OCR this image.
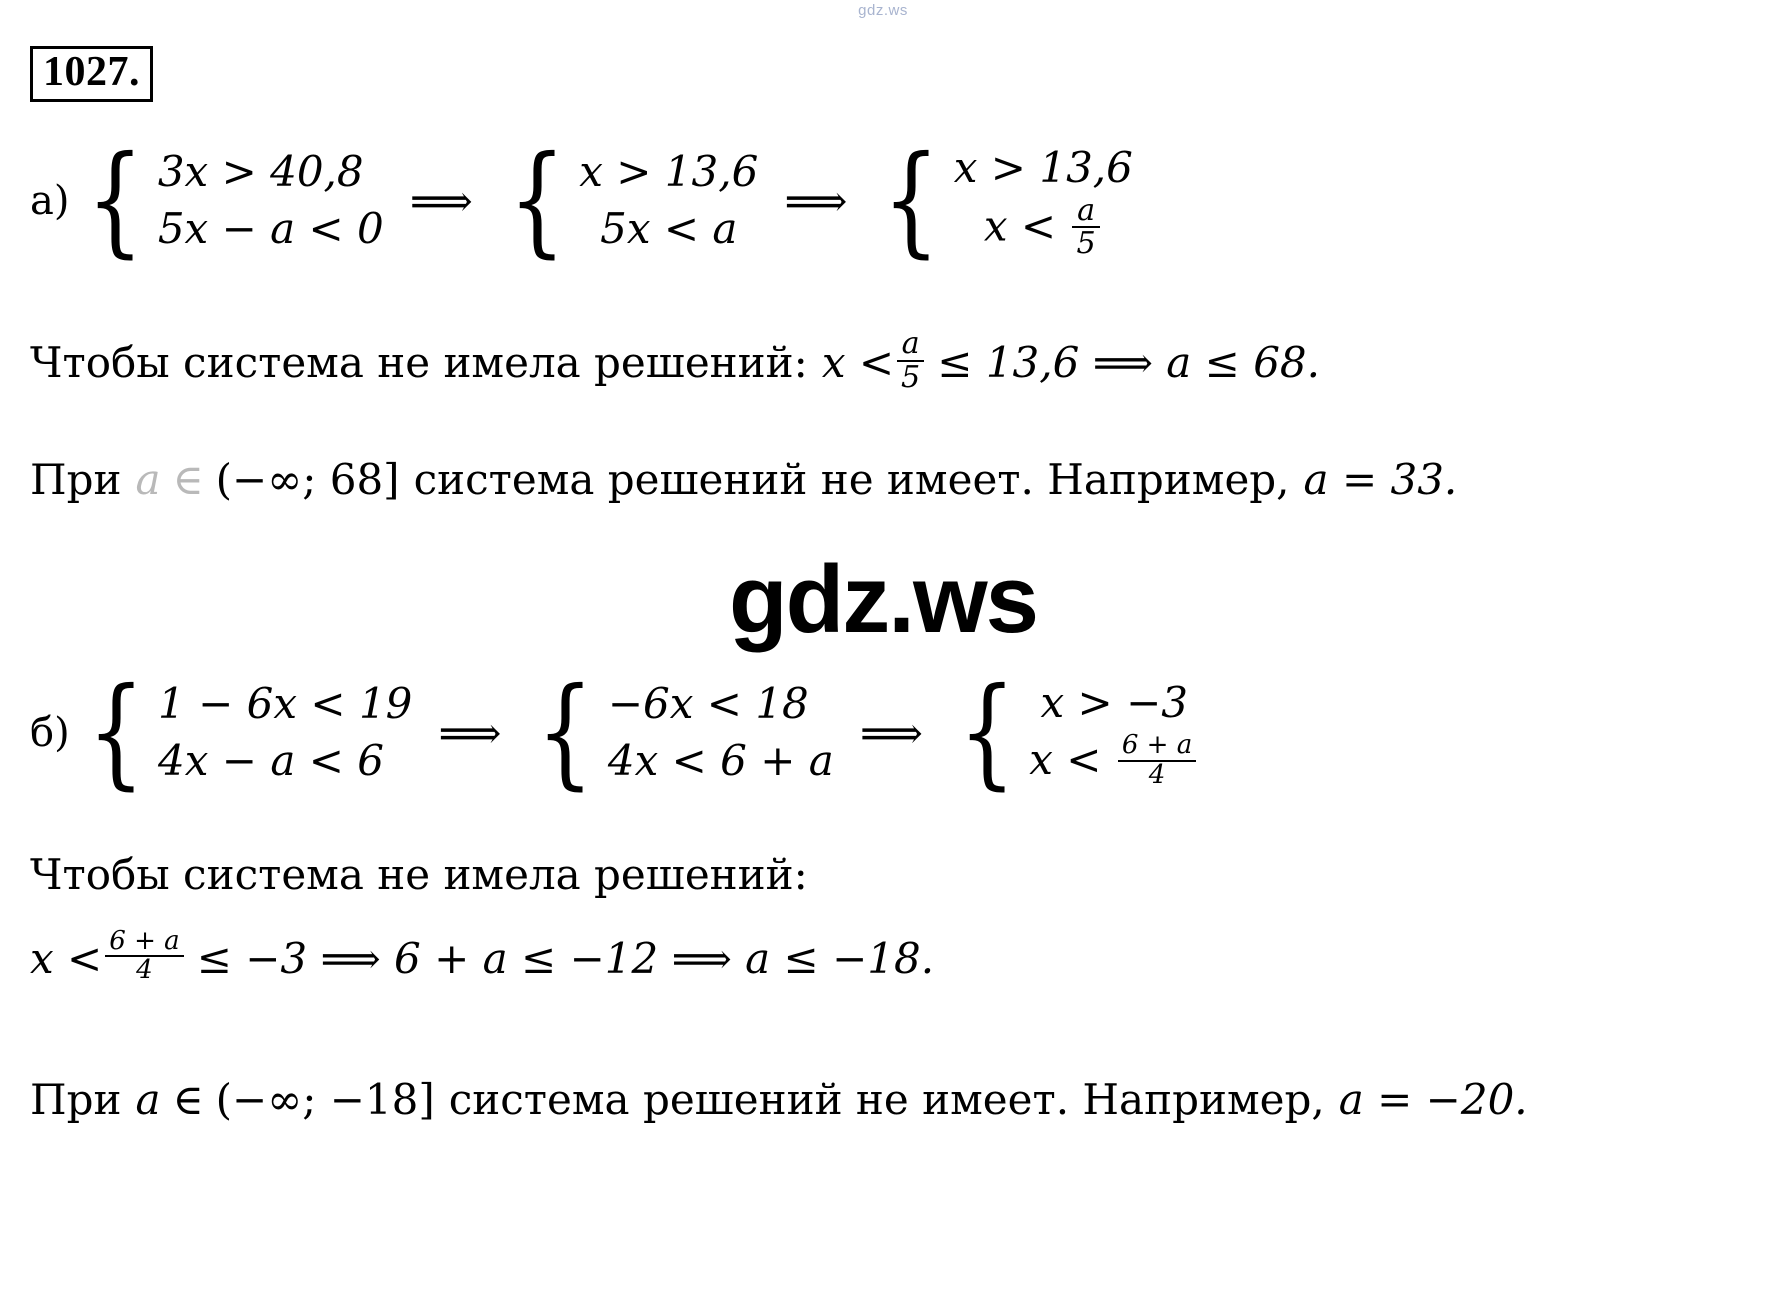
gdz.ws
1027.
а) { 3x > 40,8
5x − a < 0
⟹ { x > 13,6
5x < a
⟹ { x > 13,6
$x < \frac{a}{5}$
Чтобы система не имела решений: $x < \frac{a}{5} \le 13,6$ ⟹ a ≤ 68.
При a ∈ (−∞; 68] система решений не имеет. Например, a = 33.
gdz.ws
б) { 1 − 6x < 19
4x − a < 6
⟹ { −6x < 18
4x < 6 + a
⟹ { x > −3
$x < \frac{6 + a}{4}$
Чтобы система не имела решений:
$x < \frac{6 + a}{4} \le -3$ ⟹ 6 + a ≤ −12 ⟹ a ≤ −18.
При a ∈ (−∞; −18] система решений не имеет. Например, a = −20.
